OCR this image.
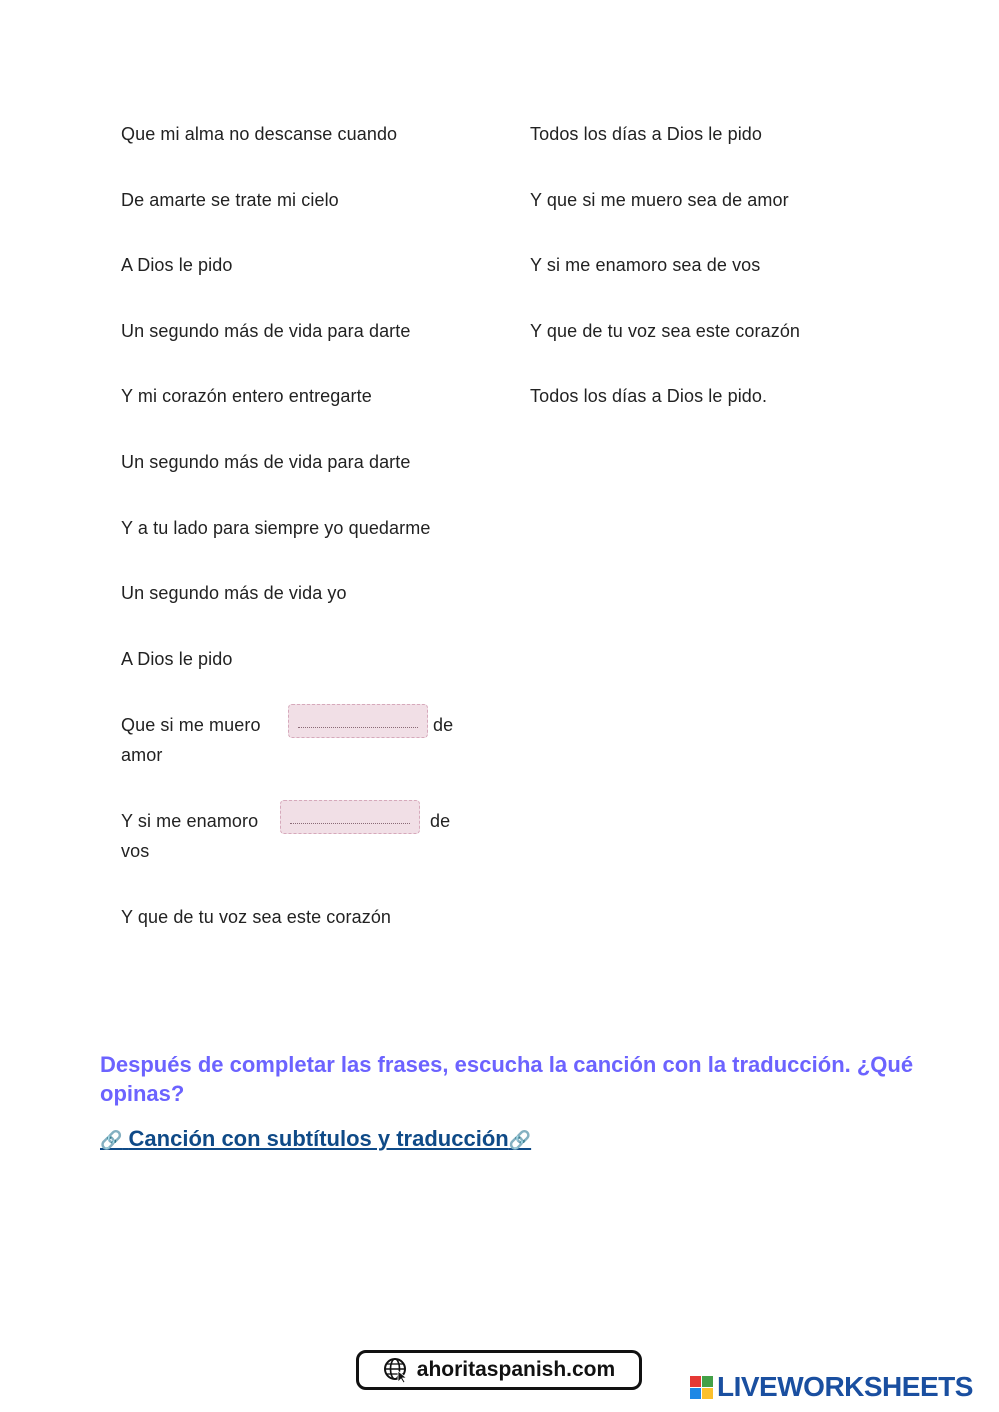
Que mi alma no descanse cuando
De amarte se trate mi cielo
A Dios le pido
Un segundo más de vida para darte
Y mi corazón entero entregarte
Un segundo más de vida para darte
Y a tu lado para siempre yo quedarme
Un segundo más de vida yo
A Dios le pido
Que si me muero	de
amor
Y si me enamoro	de
vos
Y que de tu voz sea este corazón
Todos los días a Dios le pido
Y que si me muero sea de amor
Y si me enamoro sea de vos
Y que de tu voz sea este corazón
Todos los días a Dios le pido.
Después de completar las frases, escucha la canción con la traducción. ¿Qué opinas?
🔗 Canción con subtítulos y traducción🔗
ahoritaspanish.com
LIVEWORKSHEETS
